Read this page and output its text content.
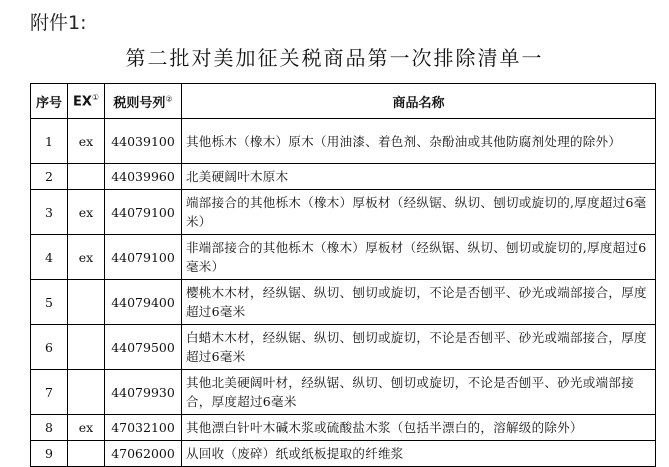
附件1:
第二批对美加征关税商品第一次排除清单一
序号	EX①	税则号列②	商品名称
1	ex	44039100	其他栎木（橡木）原木（用油漆、着色剂、杂酚油或其他防腐剂处理的除外）
2		44039960	北美硬阔叶木原木
3	ex	44079100	端部接合的其他栎木（橡木）厚板材（经纵锯、纵切、刨切或旋切的,厚度超过6毫米）
4	ex	44079100	非端部接合的其他栎木（橡木）厚板材（经纵锯、纵切、刨切或旋切的,厚度超过6毫米）
5		44079400	樱桃木木材，经纵锯、纵切、刨切或旋切，不论是否刨平、砂光或端部接合，厚度超过6毫米
6		44079500	白蜡木木材，经纵锯、纵切、刨切或旋切，不论是否刨平、砂光或端部接合，厚度超过6毫米
7		44079930	其他北美硬阔叶材，经纵锯、纵切、刨切或旋切，不论是否刨平、砂光或端部接合，厚度超过6毫米
8	ex	47032100	其他漂白针叶木碱木浆或硫酸盐木浆（包括半漂白的，溶解级的除外）
9		47062000	从回收（废碎）纸或纸板提取的纤维浆
